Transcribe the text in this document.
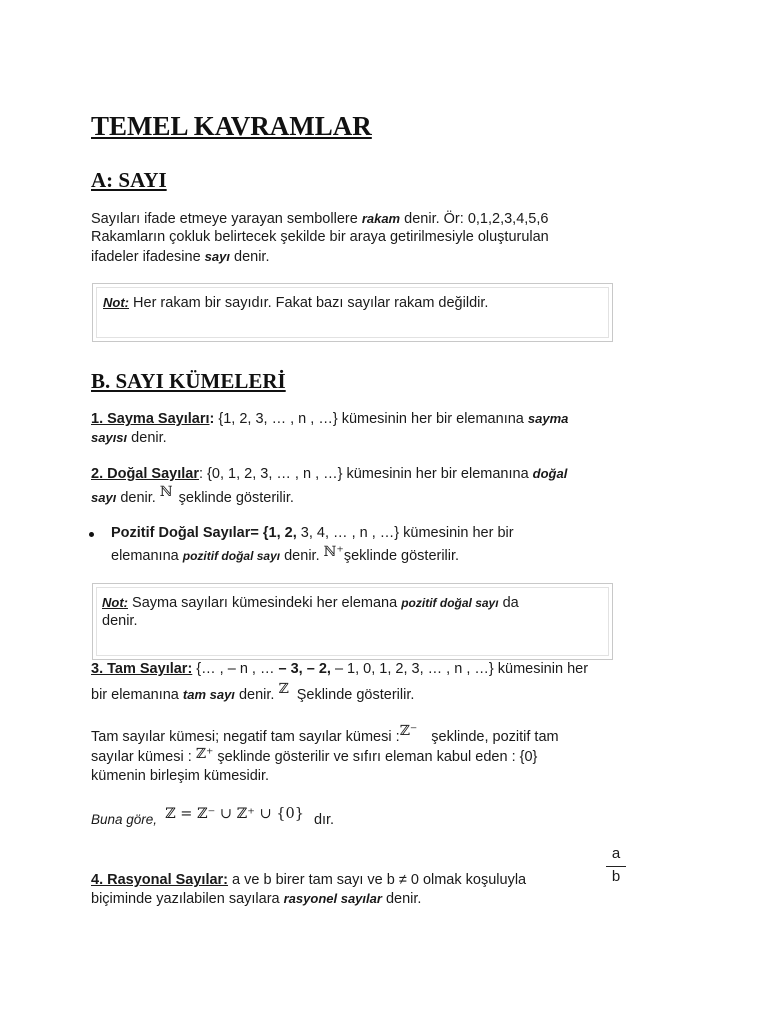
TEMEL KAVRAMLAR
A: SAYI
Sayıları ifade etmeye yarayan sembollere rakam denir. Ör: 0,1,2,3,4,5,6
Rakamların çokluk belirtecek şekilde bir araya getirilmesiyle oluşturulan
ifadeler ifadesine sayı denir.
Not: Her rakam bir sayıdır. Fakat bazı sayılar rakam değildir.
B. SAYI KÜMELERİ
1. Sayma Sayıları: {1, 2, 3, … , n , …} kümesinin her bir elemanına sayma
sayısı denir.
2. Doğal Sayılar: {0, 1, 2, 3, … , n , …} kümesinin her bir elemanına doğal
sayı denir. ℕ şeklinde gösterilir.
Pozitif Doğal Sayılar= {1, 2, 3, 4, … , n , …} kümesinin her bir
elemanına pozitif doğal sayı denir. ℕ⁺şeklinde gösterilir.
Not: Sayma sayıları kümesindeki her elemana pozitif doğal sayı da
denir.
3. Tam Sayılar: {… , – n , … – 3, – 2, – 1, 0, 1, 2, 3, … , n , …} kümesinin her
bir elemanına tam sayı denir. ℤ Şeklinde gösterilir.
Tam sayılar kümesi; negatif tam sayılar kümesi :ℤ⁻ şeklinde, pozitif tam
sayılar kümesi : ℤ⁺ şeklinde gösterilir ve sıfırı eleman kabul eden : {0}
kümenin birleşim kümesidir.
Buna göre, ℤ = ℤ⁻ ∪ ℤ⁺ ∪ {0} dır.
4. Rasyonal Sayılar: a ve b birer tam sayı ve b ≠ 0 olmak koşuluyla
a
b
biçiminde yazılabilen sayılara rasyonel sayılar denir.
